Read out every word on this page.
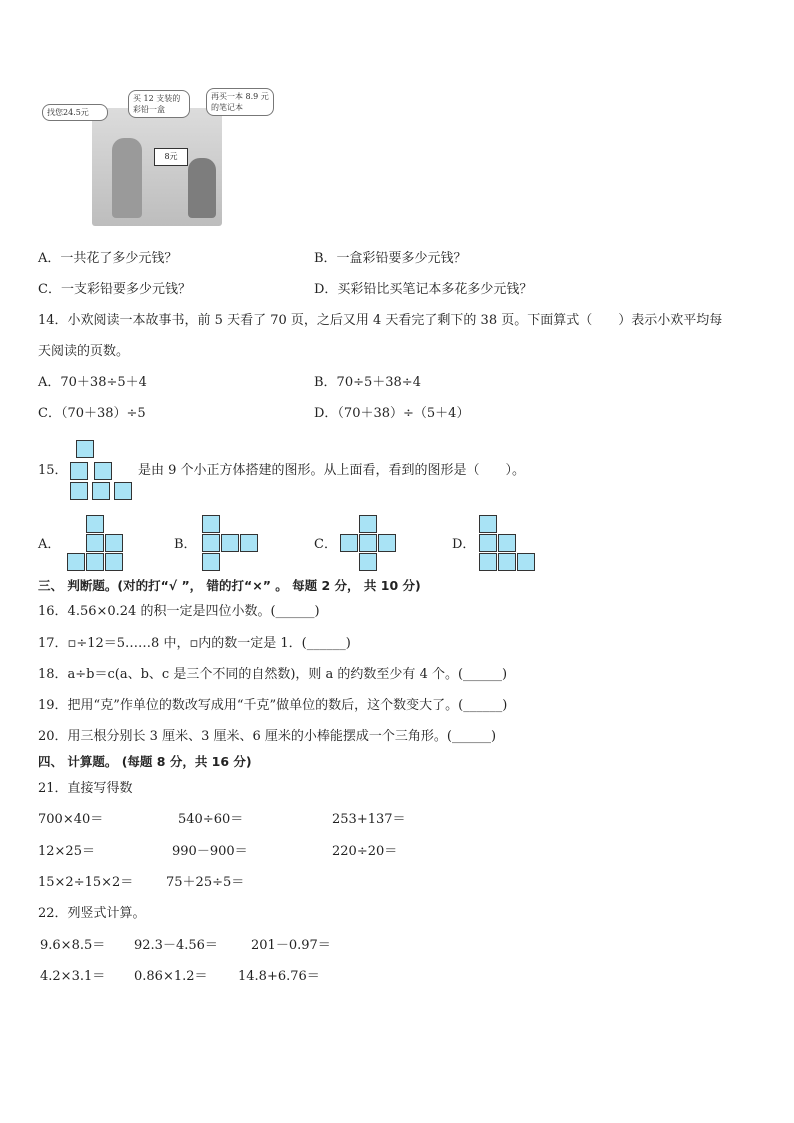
8元
找您24.5元
买 12 支装的彩铅一盒
再买一本 8.9 元的笔记本
A．一共花了多少元钱？	B．一盒彩铅要多少元钱？
C．一支彩铅要多少元钱？	D．买彩铅比买笔记本多花多少元钱？
14．小欢阅读一本故事书，前 5 天看了 70 页，之后又用 4 天看完了剩下的 38 页。下面算式（　　）表示小欢平均每
天阅读的页数。
A．70＋38÷5＋4	B．70÷5＋38÷4
C．（70＋38）÷5	D．（70＋38）÷（5＋4）
15．	是由 9 个小正方体搭建的图形。从上面看，看到的图形是（　　）。
A．	B．	C．	D．
三、 判断题。(对的打“√ ”， 错的打“×” 。 每题 2 分， 共 10 分)
16．4.56×0.24 的积一定是四位小数。(______)
17．▫÷12＝5……8 中，▫内的数一定是 1．(______)
18．a÷b＝c(a、b、c 是三个不同的自然数)，则 a 的约数至少有 4 个。(______)
19．把用“克”作单位的数改写成用“千克”做单位的数后，这个数变大了。(______)
20．用三根分别长 3 厘米、3 厘米、6 厘米的小棒能摆成一个三角形。(______)
四、 计算题。 (每题 8 分，共 16 分)
21．直接写得数
700×40＝	540÷60＝	253+137＝
12×25＝	990－900＝	220÷20＝
15×2÷15×2＝	75＋25÷5＝
22．列竖式计算。
9.6×8.5＝ 92.3－4.56＝	201－0.97＝
4.2×3.1＝ 0.86×1.2＝ 14.8+6.76＝
